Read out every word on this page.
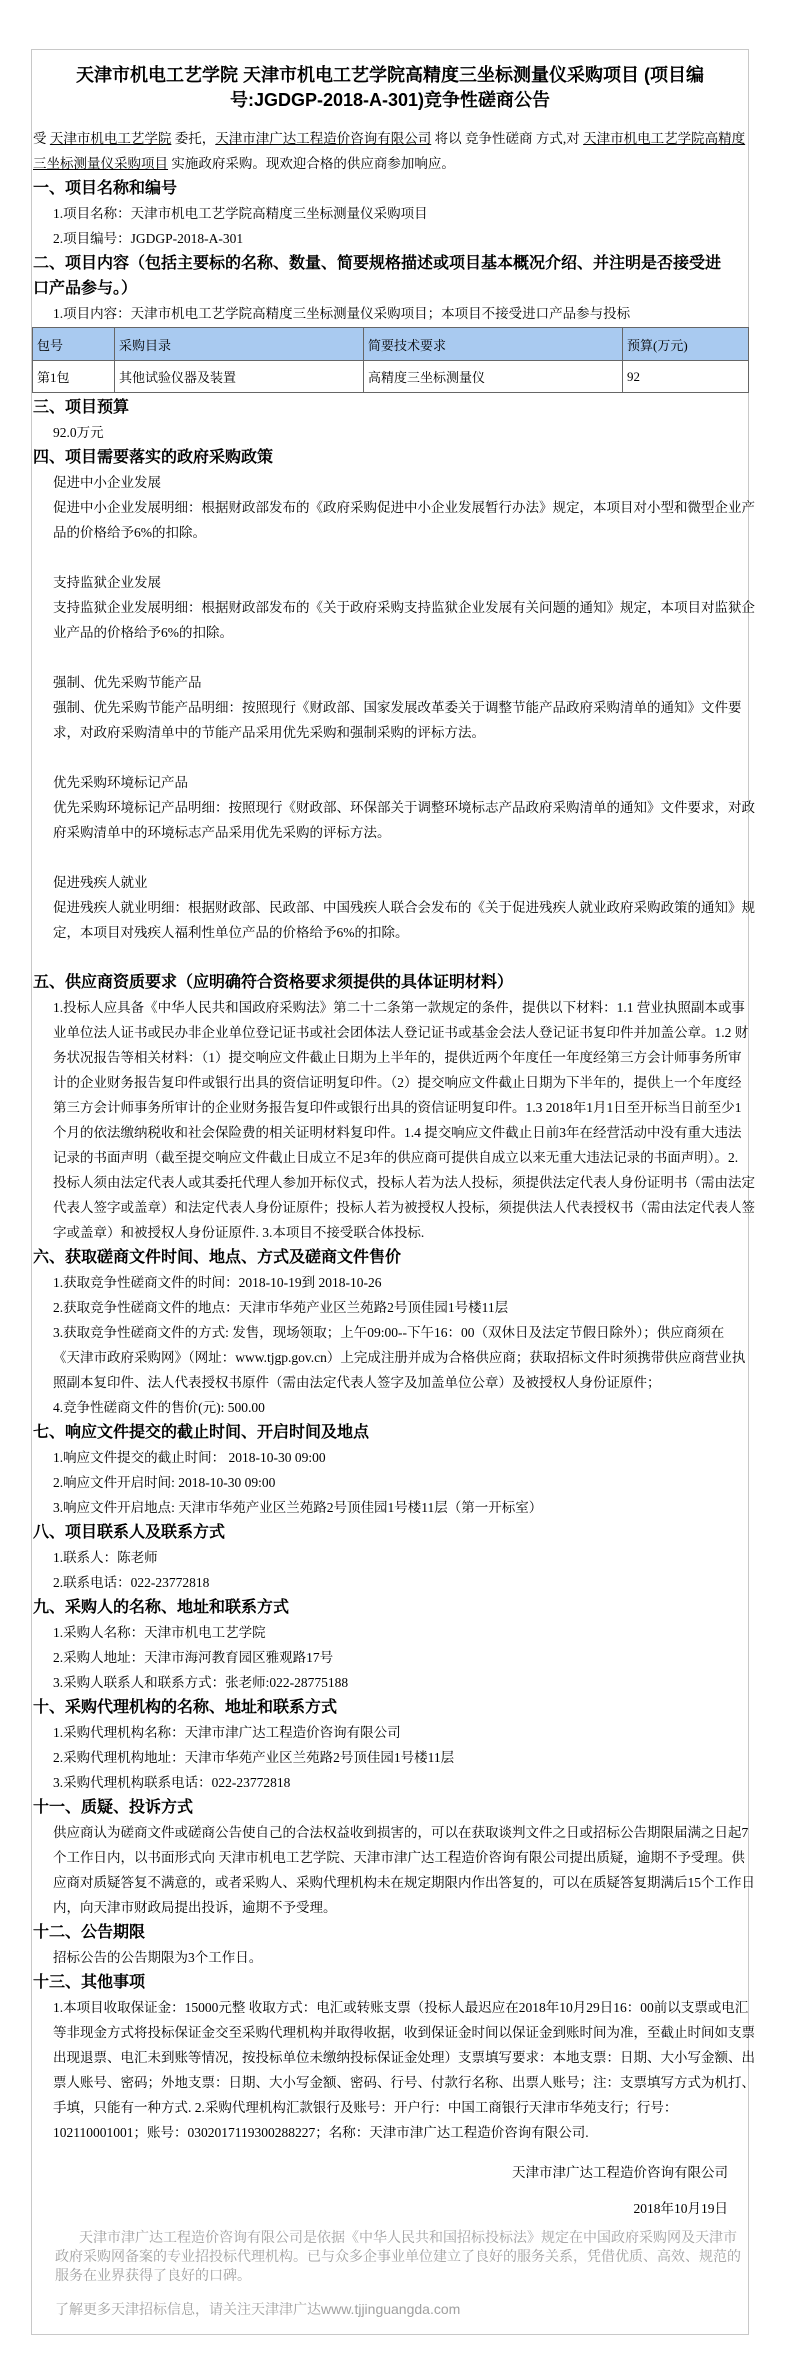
天津市机电工艺学院 天津市机电工艺学院高精度三坐标测量仪采购项目 (项目编
号:JGDGP-2018-A-301)竞争性磋商公告
受 天津市机电工艺学院 委托，天津市津广达工程造价咨询有限公司 将以 竞争性磋商 方式,对 天津市机电工艺学院高精度
三坐标测量仪采购项目 实施政府采购。现欢迎合格的供应商参加响应。
一、项目名称和编号
1.项目名称：天津市机电工艺学院高精度三坐标测量仪采购项目
2.项目编号：JGDGP-2018-A-301
二、项目内容（包括主要标的名称、数量、简要规格描述或项目基本概况介绍、并注明是否接受进
口产品参与。）
1.项目内容：天津市机电工艺学院高精度三坐标测量仪采购项目；本项目不接受进口产品参与投标
包号	采购目录	简要技术要求	预算(万元)
第1包	其他试验仪器及装置	高精度三坐标测量仪	92
三、项目预算
92.0万元
四、项目需要落实的政府采购政策
促进中小企业发展
促进中小企业发展明细：根据财政部发布的《政府采购促进中小企业发展暂行办法》规定，本项目对小型和微型企业产
品的价格给予6%的扣除。
支持监狱企业发展
支持监狱企业发展明细：根据财政部发布的《关于政府采购支持监狱企业发展有关问题的通知》规定，本项目对监狱企
业产品的价格给予6%的扣除。
强制、优先采购节能产品
强制、优先采购节能产品明细：按照现行《财政部、国家发展改革委关于调整节能产品政府采购清单的通知》文件要
求，对政府采购清单中的节能产品采用优先采购和强制采购的评标方法。
优先采购环境标记产品
优先采购环境标记产品明细：按照现行《财政部、环保部关于调整环境标志产品政府采购清单的通知》文件要求，对政
府采购清单中的环境标志产品采用优先采购的评标方法。
促进残疾人就业
促进残疾人就业明细：根据财政部、民政部、中国残疾人联合会发布的《关于促进残疾人就业政府采购政策的通知》规
定，本项目对残疾人福利性单位产品的价格给予6%的扣除。
五、供应商资质要求（应明确符合资格要求须提供的具体证明材料）
1.投标人应具备《中华人民共和国政府采购法》第二十二条第一款规定的条件，提供以下材料：1.1 营业执照副本或事
业单位法人证书或民办非企业单位登记证书或社会团体法人登记证书或基金会法人登记证书复印件并加盖公章。1.2 财
务状况报告等相关材料：（1）提交响应文件截止日期为上半年的，提供近两个年度任一年度经第三方会计师事务所审
计的企业财务报告复印件或银行出具的资信证明复印件。（2）提交响应文件截止日期为下半年的，提供上一个年度经
第三方会计师事务所审计的企业财务报告复印件或银行出具的资信证明复印件。1.3 2018年1月1日至开标当日前至少1
个月的依法缴纳税收和社会保险费的相关证明材料复印件。1.4 提交响应文件截止日前3年在经营活动中没有重大违法
记录的书面声明（截至提交响应文件截止日成立不足3年的供应商可提供自成立以来无重大违法记录的书面声明）。2.
投标人须由法定代表人或其委托代理人参加开标仪式，投标人若为法人投标，须提供法定代表人身份证明书（需由法定
代表人签字或盖章）和法定代表人身份证原件；投标人若为被授权人投标，须提供法人代表授权书（需由法定代表人签
字或盖章）和被授权人身份证原件. 3.本项目不接受联合体投标.
六、获取磋商文件时间、地点、方式及磋商文件售价
1.获取竞争性磋商文件的时间：2018-10-19到 2018-10-26
2.获取竞争性磋商文件的地点：天津市华苑产业区兰苑路2号顶佳园1号楼11层
3.获取竞争性磋商文件的方式: 发售，现场领取；上午09:00--下午16：00（双休日及法定节假日除外）；供应商须在
《天津市政府采购网》（网址：www.tjgp.gov.cn）上完成注册并成为合格供应商；获取招标文件时须携带供应商营业执
照副本复印件、法人代表授权书原件（需由法定代表人签字及加盖单位公章）及被授权人身份证原件；
4.竞争性磋商文件的售价(元): 500.00
七、响应文件提交的截止时间、开启时间及地点
1.响应文件提交的截止时间： 2018-10-30 09:00
2.响应文件开启时间: 2018-10-30 09:00
3.响应文件开启地点: 天津市华苑产业区兰苑路2号顶佳园1号楼11层（第一开标室）
八、项目联系人及联系方式
1.联系人：陈老师
2.联系电话：022-23772818
九、采购人的名称、地址和联系方式
1.采购人名称：天津市机电工艺学院
2.采购人地址：天津市海河教育园区雅观路17号
3.采购人联系人和联系方式：张老师:022-28775188
十、采购代理机构的名称、地址和联系方式
1.采购代理机构名称：天津市津广达工程造价咨询有限公司
2.采购代理机构地址：天津市华苑产业区兰苑路2号顶佳园1号楼11层
3.采购代理机构联系电话：022-23772818
十一、质疑、投诉方式
供应商认为磋商文件或磋商公告使自己的合法权益收到损害的，可以在获取谈判文件之日或招标公告期限届满之日起7
个工作日内，以书面形式向 天津市机电工艺学院、天津市津广达工程造价咨询有限公司提出质疑，逾期不予受理。供
应商对质疑答复不满意的，或者采购人、采购代理机构未在规定期限内作出答复的，可以在质疑答复期满后15个工作日
内，向天津市财政局提出投诉，逾期不予受理。
十二、公告期限
招标公告的公告期限为3个工作日。
十三、其他事项
1.本项目收取保证金：15000元整 收取方式：电汇或转账支票（投标人最迟应在2018年10月29日16：00前以支票或电汇
等非现金方式将投标保证金交至采购代理机构并取得收据，收到保证金时间以保证金到账时间为准，至截止时间如支票
出现退票、电汇未到账等情况，按投标单位未缴纳投标保证金处理）支票填写要求：本地支票：日期、大小写金额、出
票人账号、密码；外地支票：日期、大小写金额、密码、行号、付款行名称、出票人账号；注：支票填写方式为机打、
手填，只能有一种方式. 2.采购代理机构汇款银行及账号：开户行：中国工商银行天津市华苑支行；行号：
102110001001；账号：0302017119300288227；名称：天津市津广达工程造价咨询有限公司.
天津市津广达工程造价咨询有限公司
2018年10月19日
天津市津广达工程造价咨询有限公司是依据《中华人民共和国招标投标法》规定在中国政府采购网及天津市
政府采购网备案的专业招投标代理机构。已与众多企事业单位建立了良好的服务关系，凭借优质、高效、规范的
服务在业界获得了良好的口碑。
了解更多天津招标信息，请关注天津津广达www.tjjinguangda.com
